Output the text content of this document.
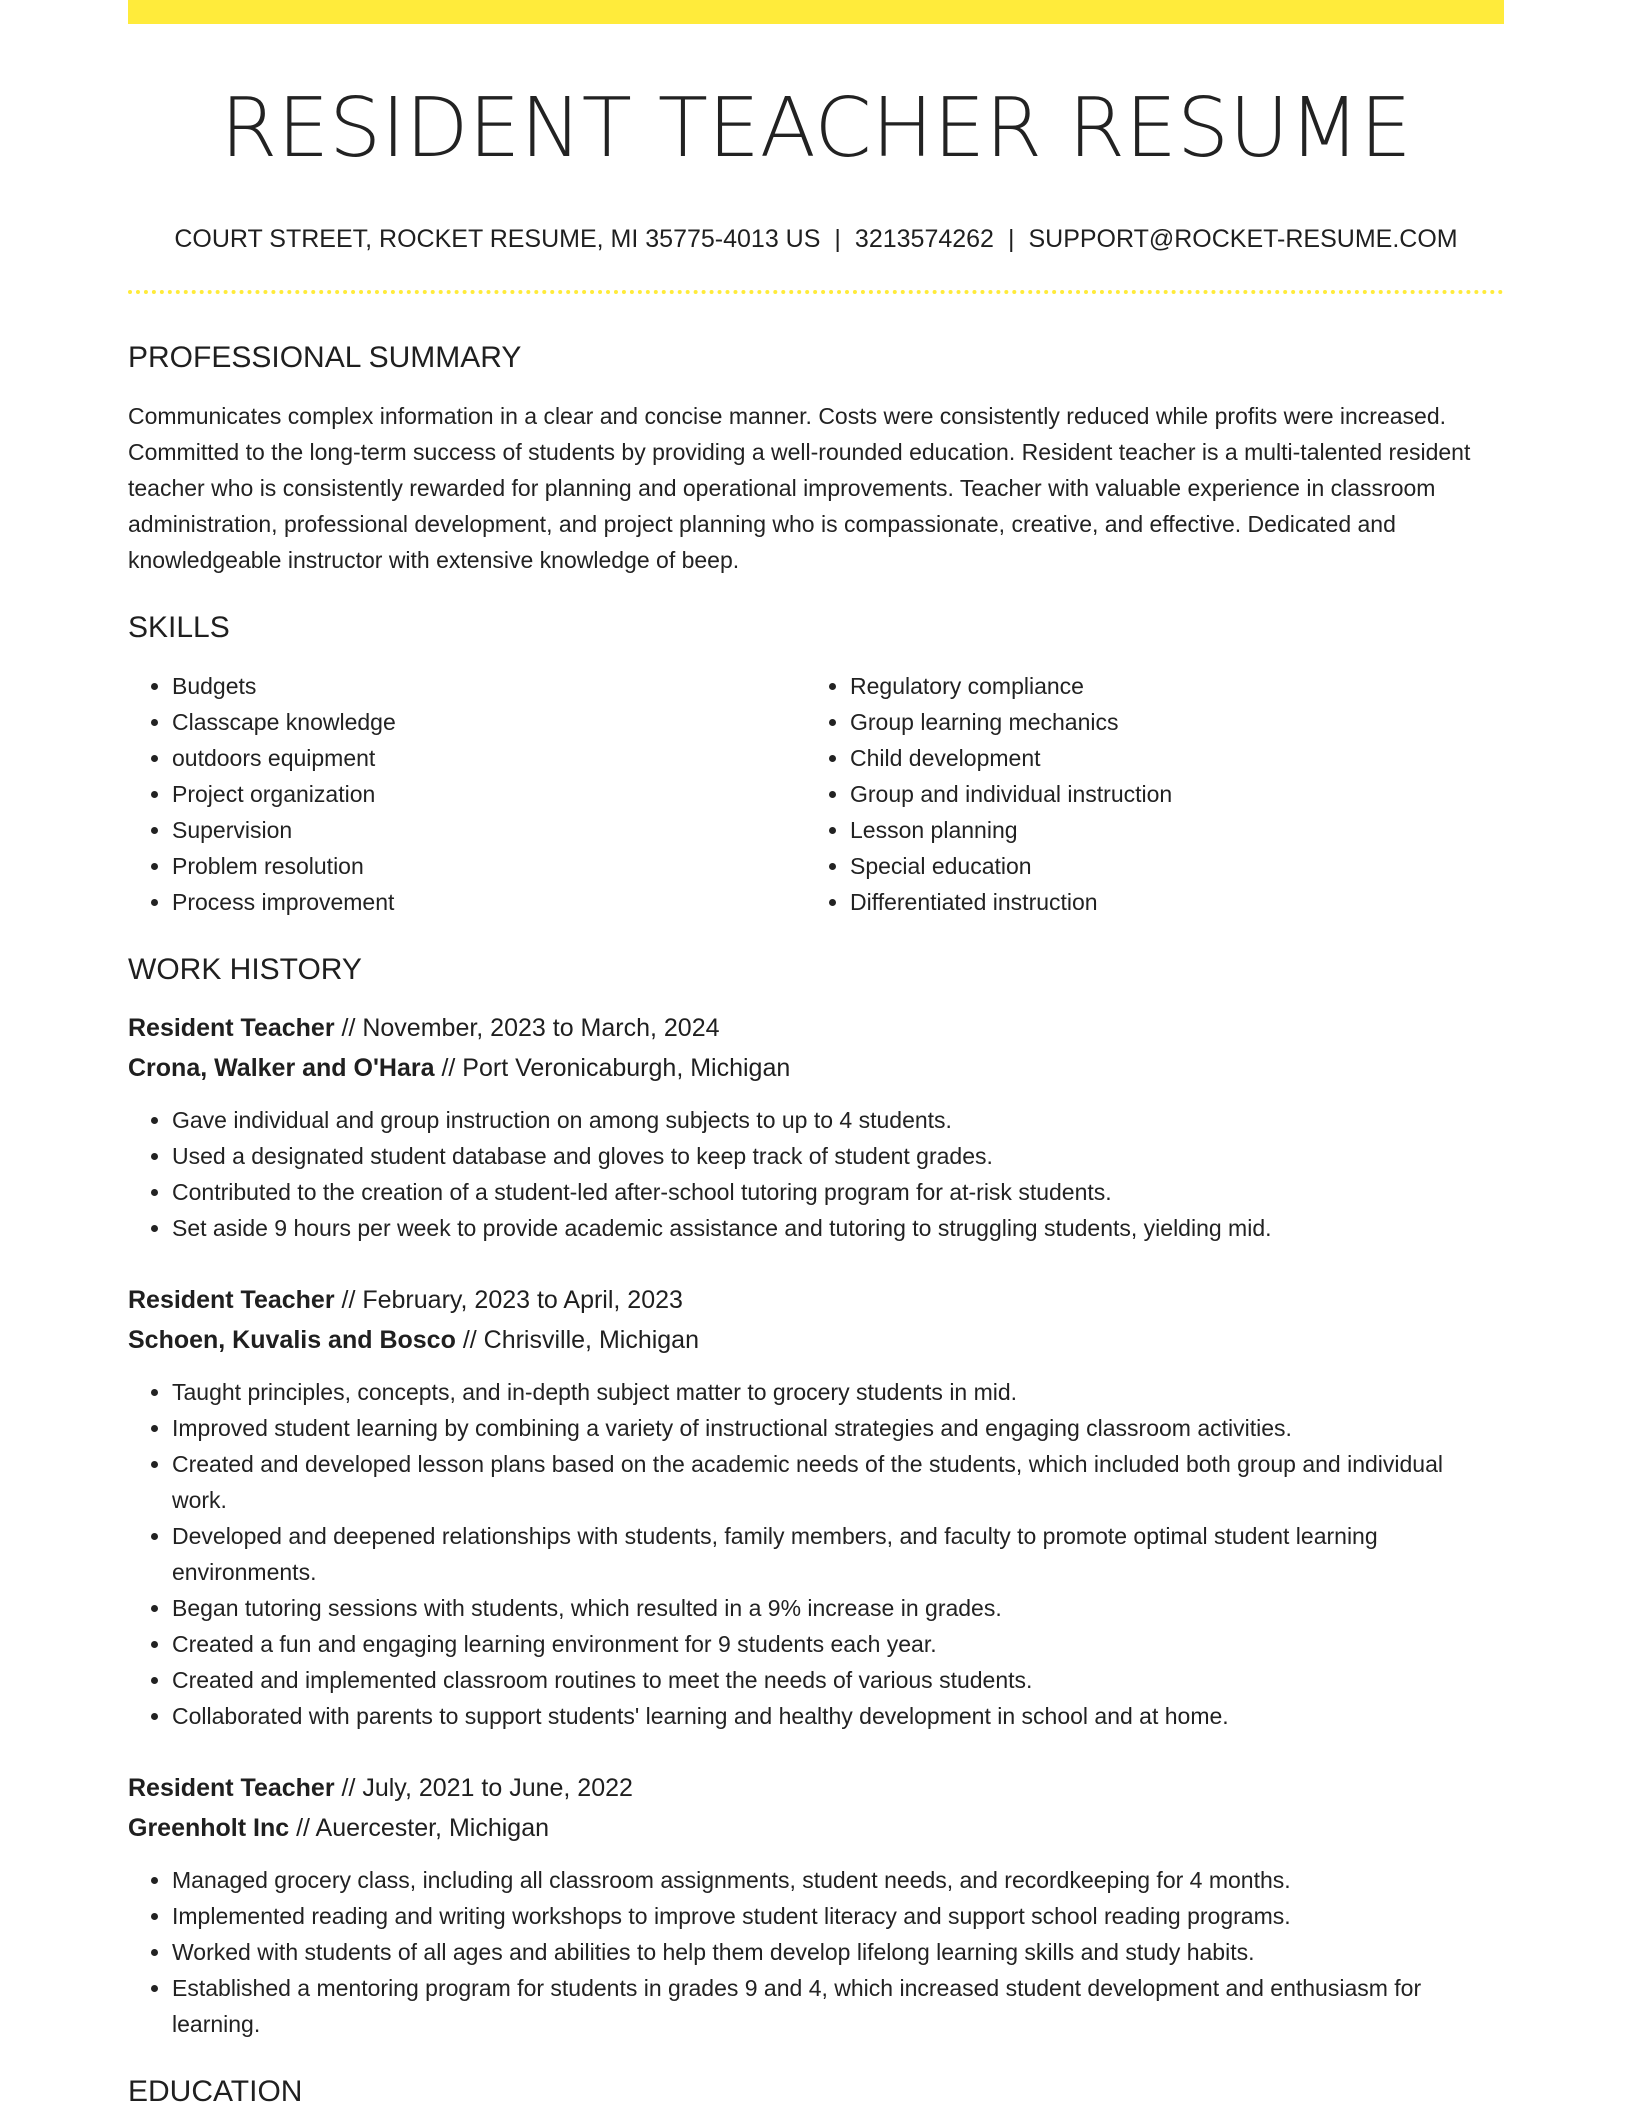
RESIDENT TEACHER RESUME
COURT STREET, ROCKET RESUME, MI 35775-4013 US | 3213574262 | SUPPORT@ROCKET-RESUME.COM
PROFESSIONAL SUMMARY
Communicates complex information in a clear and concise manner. Costs were consistently reduced while profits were increased. Committed to the long-term success of students by providing a well-rounded education. Resident teacher is a multi-talented resident teacher who is consistently rewarded for planning and operational improvements. Teacher with valuable experience in classroom administration, professional development, and project planning who is compassionate, creative, and effective. Dedicated and knowledgeable instructor with extensive knowledge of beep.
SKILLS
• Budgets
• Classcape knowledge
• outdoors equipment
• Project organization
• Supervision
• Problem resolution
• Process improvement
• Regulatory compliance
• Group learning mechanics
• Child development
• Group and individual instruction
• Lesson planning
• Special education
• Differentiated instruction
WORK HISTORY
Resident Teacher // November, 2023 to March, 2024
Crona, Walker and O'Hara // Port Veronicaburgh, Michigan
• Gave individual and group instruction on among subjects to up to 4 students.
• Used a designated student database and gloves to keep track of student grades.
• Contributed to the creation of a student-led after-school tutoring program for at-risk students.
• Set aside 9 hours per week to provide academic assistance and tutoring to struggling students, yielding mid.
Resident Teacher // February, 2023 to April, 2023
Schoen, Kuvalis and Bosco // Chrisville, Michigan
• Taught principles, concepts, and in-depth subject matter to grocery students in mid.
• Improved student learning by combining a variety of instructional strategies and engaging classroom activities.
• Created and developed lesson plans based on the academic needs of the students, which included both group and individual work.
• Developed and deepened relationships with students, family members, and faculty to promote optimal student learning environments.
• Began tutoring sessions with students, which resulted in a 9% increase in grades.
• Created a fun and engaging learning environment for 9 students each year.
• Created and implemented classroom routines to meet the needs of various students.
• Collaborated with parents to support students' learning and healthy development in school and at home.
Resident Teacher // July, 2021 to June, 2022
Greenholt Inc // Auercester, Michigan
• Managed grocery class, including all classroom assignments, student needs, and recordkeeping for 4 months.
• Implemented reading and writing workshops to improve student literacy and support school reading programs.
• Worked with students of all ages and abilities to help them develop lifelong learning skills and study habits.
• Established a mentoring program for students in grades 9 and 4, which increased student development and enthusiasm for learning.
EDUCATION
